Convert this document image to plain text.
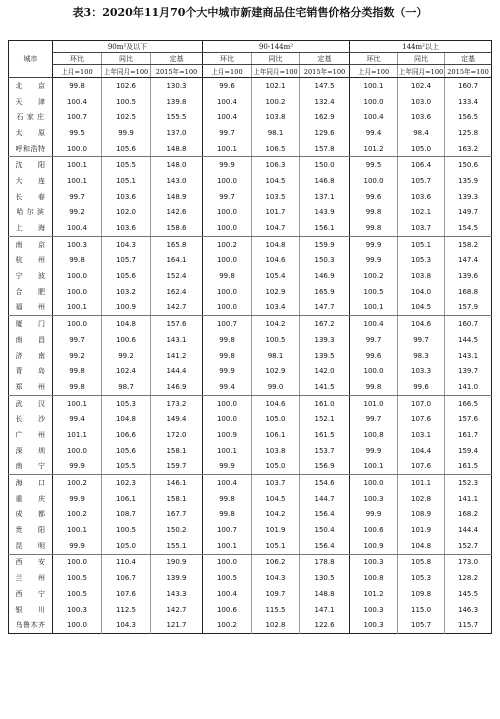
表3：2020年11月70个大中城市新建商品住宅销售价格分类指数（一）
城市	90m²及以下			90-144m²			144m²以上		
	环比	同比	定基	环比	同比	定基	环比	同比	定基
	上月=100	上年同月=100	2015年=100	上月=100	上年同月=100	2015年=100	上月=100	上年同月=100	2015年=100
北　　京	99.8	102.6	130.3	99.6	102.1	147.5	100.1	102.4	160.7
天　　津	100.4	100.5	139.8	100.4	100.2	132.4	100.0	103.0	133.4
石 家 庄	100.7	102.5	155.5	100.4	103.8	162.9	100.4	103.6	156.5
太　　原	99.5	99.9	137.0	99.7	98.1	129.6	99.4	98.4	125.8
呼和浩特	100.0	105.6	148.8	100.1	106.5	157.8	101.2	105.0	163.2
沈　　阳	100.1	105.5	148.0	99.9	106.3	150.0	99.5	106.4	150.6
大　　连	100.1	105.1	143.0	100.0	104.5	146.8	100.0	105.7	135.9
长　　春	99.7	103.6	148.9	99.7	103.5	137.1	99.6	103.6	139.3
哈 尔 滨	99.2	102.0	142.6	100.0	101.7	143.9	99.8	102.1	149.7
上　　海	100.4	103.6	158.6	100.0	104.7	156.1	99.8	103.7	154.5
南　　京	100.3	104.3	165.8	100.2	104.8	159.9	99.9	105.1	158.2
杭　　州	99.8	105.7	164.1	100.0	104.6	150.3	99.9	105.3	147.4
宁　　波	100.0	105.6	152.4	99.8	105.4	146.9	100.2	103.8	139.6
合　　肥	100.0	103.2	162.4	100.0	102.9	165.9	100.5	104.0	168.8
福　　州	100.1	100.9	142.7	100.0	103.4	147.7	100.1	104.5	157.9
厦　　门	100.0	104.8	157.6	100.7	104.2	167.2	100.4	104.6	160.7
南　　昌	99.7	100.6	143.1	99.8	100.5	139.3	99.7	99.7	144.5
济　　南	99.2	99.2	141.2	99.8	98.1	139.5	99.6	98.3	143.1
青　　岛	99.8	102.4	144.4	99.9	102.9	142.0	100.0	103.3	139.7
郑　　州	99.8	98.7	146.9	99.4	99.0	141.5	99.8	99.6	141.0
武　　汉	100.1	105.3	173.2	100.0	104.6	161.0	101.0	107.0	166.5
长　　沙	99.4	104.8	149.4	100.0	105.0	152.1	99.7	107.6	157.6
广　　州	101.1	106.6	172.0	100.9	106.1	161.5	100.8	103.1	161.7
深　　圳	100.0	105.6	158.1	100.1	103.8	153.7	99.9	104.4	159.4
南　　宁	99.9	105.5	159.7	99.9	105.0	156.9	100.1	107.6	161.5
海　　口	100.2	102.3	146.1	100.4	103.7	154.6	100.0	101.1	152.3
重　　庆	99.9	106.1	158.1	99.8	104.5	144.7	100.3	102.8	141.1
成　　都	100.2	108.7	167.7	99.8	104.2	156.4	99.9	108.9	168.2
贵　　阳	100.1	100.5	150.2	100.7	101.9	150.4	100.6	101.9	144.4
昆　　明	99.9	105.0	155.1	100.1	105.1	156.4	100.9	104.8	152.7
西　　安	100.0	110.4	190.9	100.0	106.2	178.8	100.3	105.8	173.0
兰　　州	100.5	106.7	139.9	100.5	104.3	130.5	100.8	105.3	128.2
西　　宁	100.5	107.6	143.3	100.4	109.7	148.8	101.2	109.8	145.5
银　　川	100.3	112.5	142.7	100.6	115.5	147.1	100.3	115.0	146.3
乌鲁木齐	100.0	104.3	121.7	100.2	102.8	122.6	100.3	105.7	115.7
